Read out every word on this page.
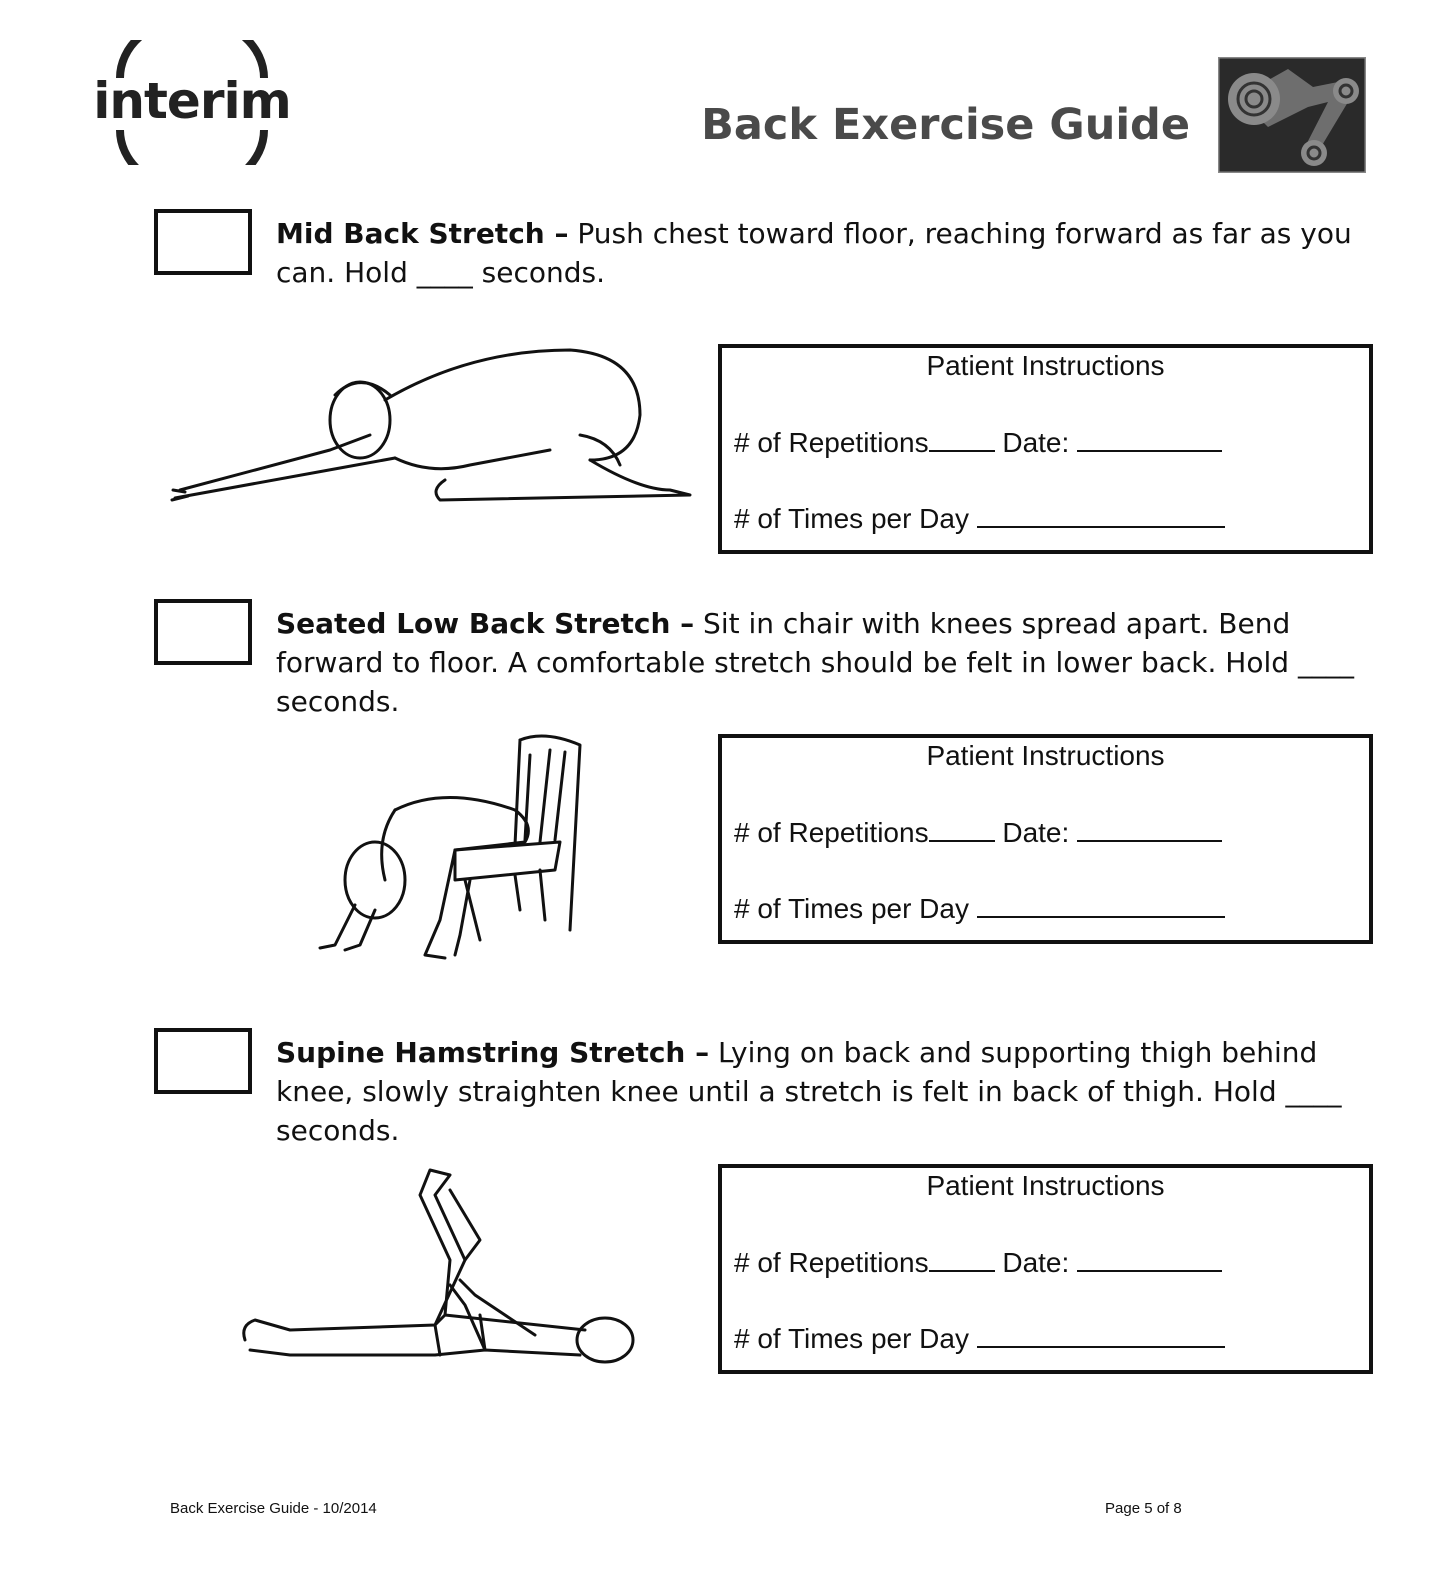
interim	Back Exercise Guide
Mid Back Stretch – Push chest toward floor, reaching forward as far as you can. Hold ____ seconds.
Patient Instructions
# of Repetitions Date:
# of Times per Day
Seated Low Back Stretch – Sit in chair with knees spread apart. Bend forward to floor. A comfortable stretch should be felt in lower back. Hold ____ seconds.
Patient Instructions
# of Repetitions Date:
# of Times per Day
Supine Hamstring Stretch – Lying on back and supporting thigh behind knee, slowly straighten knee until a stretch is felt in back of thigh. Hold ____ seconds.
Patient Instructions
# of Repetitions Date:
# of Times per Day
Back Exercise Guide - 10/2014	Page 5 of 8
